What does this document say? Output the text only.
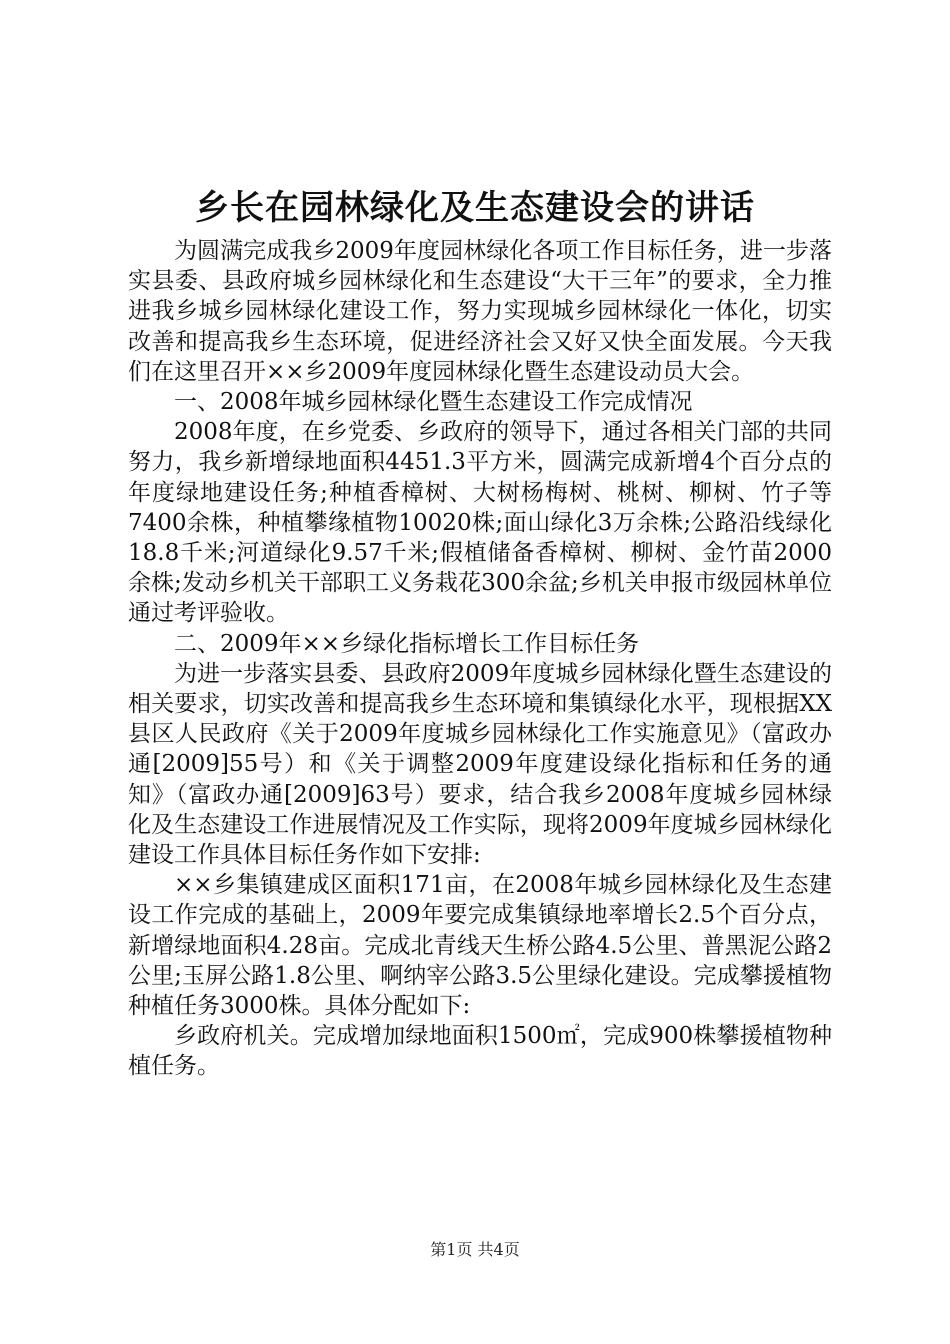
乡长在园林绿化及生态建设会的讲话

为圆满完成我乡2009年度园林绿化各项工作目标任务，进一步落实县委、县政府城乡园林绿化和生态建设“大干三年”的要求，全力推进我乡城乡园林绿化建设工作，努力实现城乡园林绿化一体化，切实改善和提高我乡生态环境，促进经济社会又好又快全面发展。今天我们在这里召开××乡2009年度园林绿化暨生态建设动员大会。

一、2008年城乡园林绿化暨生态建设工作完成情况

2008年度，在乡党委、乡政府的领导下，通过各相关门部的共同努力，我乡新增绿地面积4451.3平方米，圆满完成新增4个百分点的年度绿地建设任务;种植香樟树、大树杨梅树、桃树、柳树、竹子等7400余株，种植攀缘植物10020株;面山绿化3万余株;公路沿线绿化18.8千米;河道绿化9.57千米;假植储备香樟树、柳树、金竹苗2000余株;发动乡机关干部职工义务栽花300余盆;乡机关申报市级园林单位通过考评验收。

二、2009年××乡绿化指标增长工作目标任务

为进一步落实县委、县政府2009年度城乡园林绿化暨生态建设的相关要求，切实改善和提高我乡生态环境和集镇绿化水平，现根据XX县区人民政府《关于2009年度城乡园林绿化工作实施意见》（富政办通[2009]55号）和《关于调整2009年度建设绿化指标和任务的通知》（富政办通[2009]63号）要求，结合我乡2008年度城乡园林绿化及生态建设工作进展情况及工作实际，现将2009年度城乡园林绿化建设工作具体目标任务作如下安排:

××乡集镇建成区面积171亩，在2008年城乡园林绿化及生态建设工作完成的基础上，2009年要完成集镇绿地率增长2.5个百分点，新增绿地面积4.28亩。完成北青线天生桥公路4.5公里、普黑泥公路2公里;玉屏公路1.8公里、啊纳宰公路3.5公里绿化建设。完成攀援植物种植任务3000株。具体分配如下:

乡政府机关。完成增加绿地面积1500㎡，完成900株攀援植物种植任务。

第1页 共4页
